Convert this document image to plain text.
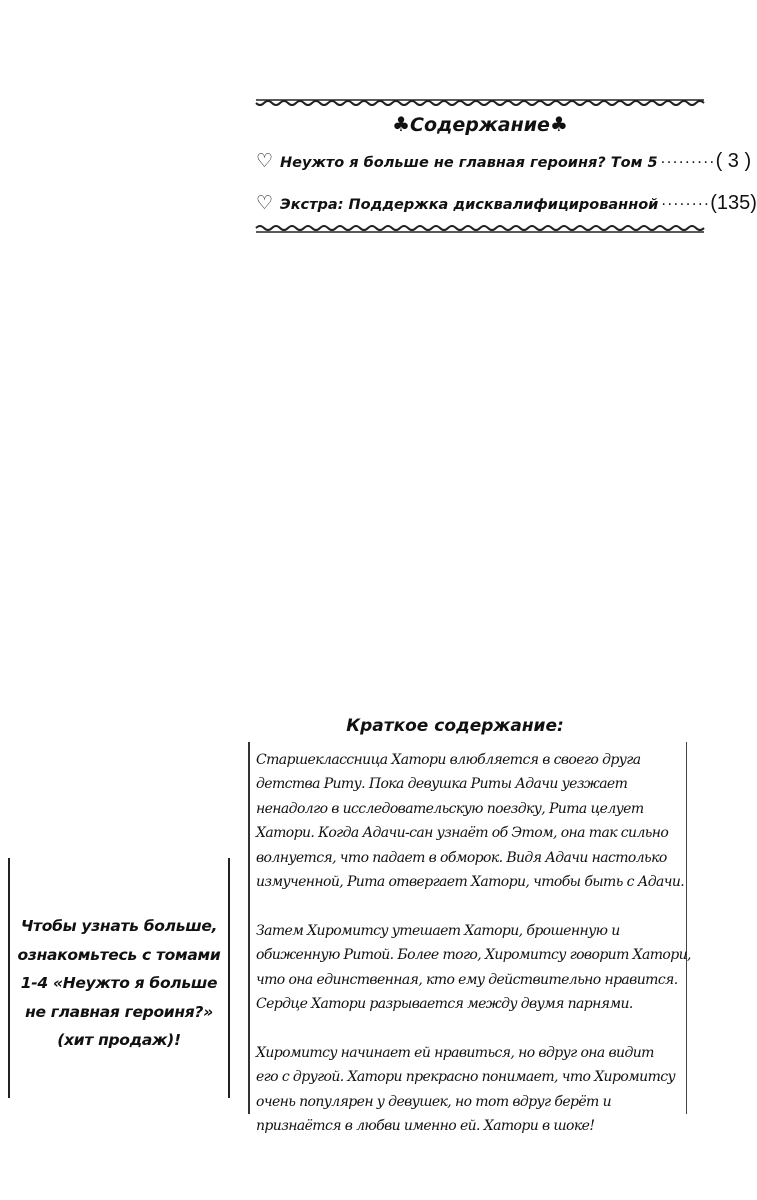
♣Содержание♣
♡ Неужто я больше не главная героиня? Том 5 ········· ( 3 )
♡ Экстра: Поддержка дисквалифицированной ········ (135)
Краткое содержание:

Старшеклассница Хатори влюбляется в своего друга
детства Риту. Пока девушка Риты Адачи уезжает
ненадолго в исследовательскую поездку, Рита целует
Хатори. Когда Адачи-сан узнаёт об Этом, она так сильно
волнуется, что падает в обморок. Видя Адачи настолько
измученной, Рита отвергает Хатори, чтобы быть с Адачи.

Затем Хиромитсу утешает Хатори, брошенную и
обиженную Ритой. Более того, Хиромитсу говорит Хатори,
что она единственная, кто ему действительно нравится.
Сердце Хатори разрывается между двумя парнями.

Хиромитсу начинает ей нравиться, но вдруг она видит
его с другой. Хатори прекрасно понимает, что Хиромитсу
очень популярен у девушек, но тот вдруг берёт и
признаётся в любви именно ей. Хатори в шоке!

Чтобы узнать больше,
ознакомьтесь с томами
1-4 «Неужто я больше
не главная героиня?»
(хит продаж)!
